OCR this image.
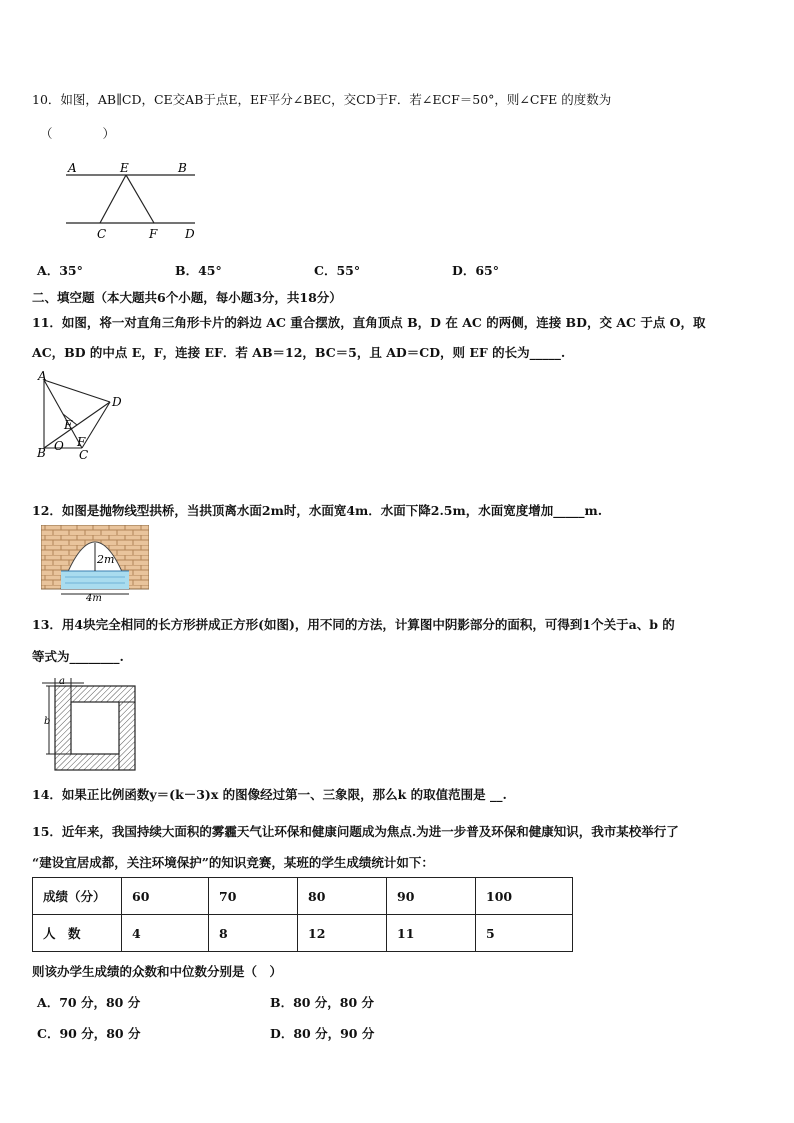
10．如图，AB∥CD，CE交AB于点E，EF平分∠BEC，交CD于F．若∠ECF＝50°，则∠CFE 的度数为
（　　　　）
A	E	B
C	F D
A．35°	B．45°	C．55°	D．65°
二、填空题（本大题共6个小题，每小题3分，共18分）
11．如图，将一对直角三角形卡片的斜边 AC 重合摆放，直角顶点 B，D 在 AC 的两侧，连接 BD，交 AC 于点 O，取
AC，BD 的中点 E，F，连接 EF．若 AB＝12，BC＝5，且 AD＝CD，则 EF 的长为_____.
A
D
E
O F
B	C
12．如图是抛物线型拱桥，当拱顶离水面2m时，水面宽4m．水面下降2.5m，水面宽度增加_____m.
2m
4m
13．用4块完全相同的长方形拼成正方形(如图)，用不同的方法，计算图中阴影部分的面积，可得到1个关于a、b 的
等式为________.
a
b
14．如果正比例函数y＝(k－3)x 的图像经过第一、三象限，那么k 的取值范围是 __.
15．近年来，我国持续大面积的雾霾天气让环保和健康问题成为焦点.为进一步普及环保和健康知识，我市某校举行了
“建设宜居成都，关注环境保护”的知识竞赛，某班的学生成绩统计如下：
成绩（分）	60	70	80	90	100
人　数	4	8	12	11	5
则该办学生成绩的众数和中位数分别是（　）
A．70 分，80 分	B．80 分，80 分
C．90 分，80 分	D．80 分，90 分
